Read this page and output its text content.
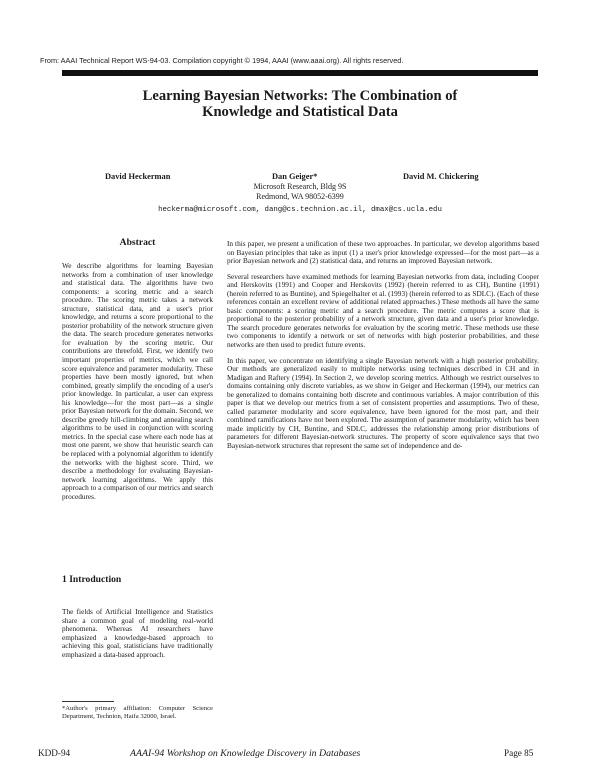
From: AAAI Technical Report WS-94-03. Compilation copyright © 1994, AAAI (www.aaai.org). All rights reserved.
Learning Bayesian Networks: The Combination of
Knowledge and Statistical Data
David Heckerman	Dan Geiger*	David M. Chickering
Microsoft Research, Bldg 9S
Redmond, WA 98052-6399
heckerma@microsoft.com, dang@cs.technion.ac.il, dmax@cs.ucla.edu
Abstract

We describe algorithms for learning Bayesian networks from a combination of user knowledge and statistical data. The algorithms have two components: a scoring metric and a search procedure. The scoring metric takes a network structure, statistical data, and a user's prior knowledge, and returns a score proportional to the posterior probability of the network structure given the data. The search procedure generates networks for evaluation by the scoring metric. Our contributions are threefold. First, we identify two important properties of metrics, which we call score equivalence and parameter modularity. These properties have been mostly ignored, but when combined, greatly simplify the encoding of a user's prior knowledge. In particular, a user can express his knowledge—for the most part—as a single prior Bayesian network for the domain. Second, we describe greedy hill-climbing and annealing search algorithms to be used in conjunction with scoring metrics. In the special case where each node has at most one parent, we show that heuristic search can be replaced with a polynomial algorithm to identify the networks with the highest score. Third, we describe a methodology for evaluating Bayesian-network learning algorithms. We apply this approach to a comparison of our metrics and search procedures.

1 Introduction

The fields of Artificial Intelligence and Statistics share a common goal of modeling real-world phenomena. Whereas AI researchers have emphasized a knowledge-based approach to achieving this goal, statisticians have traditionally emphasized a data-based approach.

*Author's primary affiliation: Computer Science Department, Technion, Haifa 32000, Israel.

In this paper, we present a unification of these two approaches. In particular, we develop algorithms based on Bayesian principles that take as input (1) a user's prior knowledge expressed—for the most part—as a prior Bayesian network and (2) statistical data, and returns an improved Bayesian network.

Several researchers have examined methods for learning Bayesian networks from data, including Cooper and Herskovits (1991) and Cooper and Herskovits (1992) (herein referred to as CH), Buntine (1991) (herein referred to as Buntine), and Spiegelhalter et al. (1993) (herein referred to as SDLC). (Each of these references contain an excellent review of additional related approaches.) These methods all have the same basic components: a scoring metric and a search procedure. The metric computes a score that is proportional to the posterior probability of a network structure, given data and a user's prior knowledge. The search procedure generates networks for evaluation by the scoring metric. These methods use these two components to identify a network or set of networks with high posterior probabilities, and these networks are then used to predict future events.

In this paper, we concentrate on identifying a single Bayesian network with a high posterior probability. Our methods are generalized easily to multiple networks using techniques described in CH and in Madigan and Raftery (1994). In Section 2, we develop scoring metrics. Although we restrict ourselves to domains containing only discrete variables, as we show in Geiger and Heckerman (1994), our metrics can be generalized to domains containing both discrete and continuous variables. A major contribution of this paper is that we develop our metrics from a set of consistent properties and assumptions. Two of these, called parameter modularity and score equivalence, have been ignored for the most part, and their combined ramifications have not been explored. The assumption of parameter modularity, which has been made implicitly by CH, Buntine, and SDLC, addresses the relationship among prior distributions of parameters for different Bayesian-network structures. The property of score equivalence says that two Bayesian-network structures that represent the same set of independence and de-

KDD-94	AAAI-94 Workshop on Knowledge Discovery in Databases	Page 85
